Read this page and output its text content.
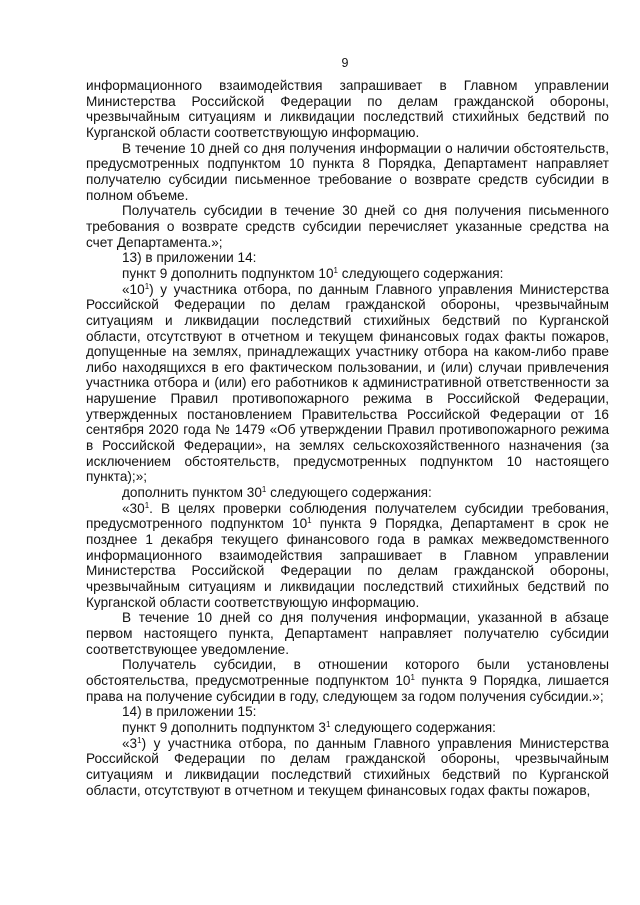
9

информационного взаимодействия запрашивает в Главном управлении Министерства Российской Федерации по делам гражданской обороны, чрезвычайным ситуациям и ликвидации последствий стихийных бедствий по Курганской области соответствующую информацию.

В течение 10 дней со дня получения информации о наличии обстоятельств, предусмотренных подпунктом 10 пункта 8 Порядка, Департамент направляет получателю субсидии письменное требование о возврате средств субсидии в полном объеме.

Получатель субсидии в течение 30 дней со дня получения письменного требования о возврате средств субсидии перечисляет указанные средства на счет Департамента.»;

13) в приложении 14:

пункт 9 дополнить подпунктом $10^1$ следующего содержания:

«$10^1$) у участника отбора, по данным Главного управления Министерства Российской Федерации по делам гражданской обороны, чрезвычайным ситуациям и ликвидации последствий стихийных бедствий по Курганской области, отсутствуют в отчетном и текущем финансовых годах факты пожаров, допущенные на землях, принадлежащих участнику отбора на каком-либо праве либо находящихся в его фактическом пользовании, и (или) случаи привлечения участника отбора и (или) его работников к административной ответственности за нарушение Правил противопожарного режима в Российской Федерации, утвержденных постановлением Правительства Российской Федерации от 16 сентября 2020 года № 1479 «Об утверждении Правил противопожарного режима в Российской Федерации», на землях сельскохозяйственного назначения (за исключением обстоятельств, предусмотренных подпунктом 10 настоящего пункта);»;

дополнить пунктом $30^1$ следующего содержания:

«$30^1$. В целях проверки соблюдения получателем субсидии требования, предусмотренного подпунктом $10^1$ пункта 9 Порядка, Департамент в срок не позднее 1 декабря текущего финансового года в рамках межведомственного информационного взаимодействия запрашивает в Главном управлении Министерства Российской Федерации по делам гражданской обороны, чрезвычайным ситуациям и ликвидации последствий стихийных бедствий по Курганской области соответствующую информацию.

В течение 10 дней со дня получения информации, указанной в абзаце первом настоящего пункта, Департамент направляет получателю субсидии соответствующее уведомление.

Получатель субсидии, в отношении которого были установлены обстоятельства, предусмотренные подпунктом $10^1$ пункта 9 Порядка, лишается права на получение субсидии в году, следующем за годом получения субсидии.»;

14) в приложении 15:

пункт 9 дополнить подпунктом $3^1$ следующего содержания:

«$3^1$) у участника отбора, по данным Главного управления Министерства Российской Федерации по делам гражданской обороны, чрезвычайным ситуациям и ликвидации последствий стихийных бедствий по Курганской области, отсутствуют в отчетном и текущем финансовых годах факты пожаров,
